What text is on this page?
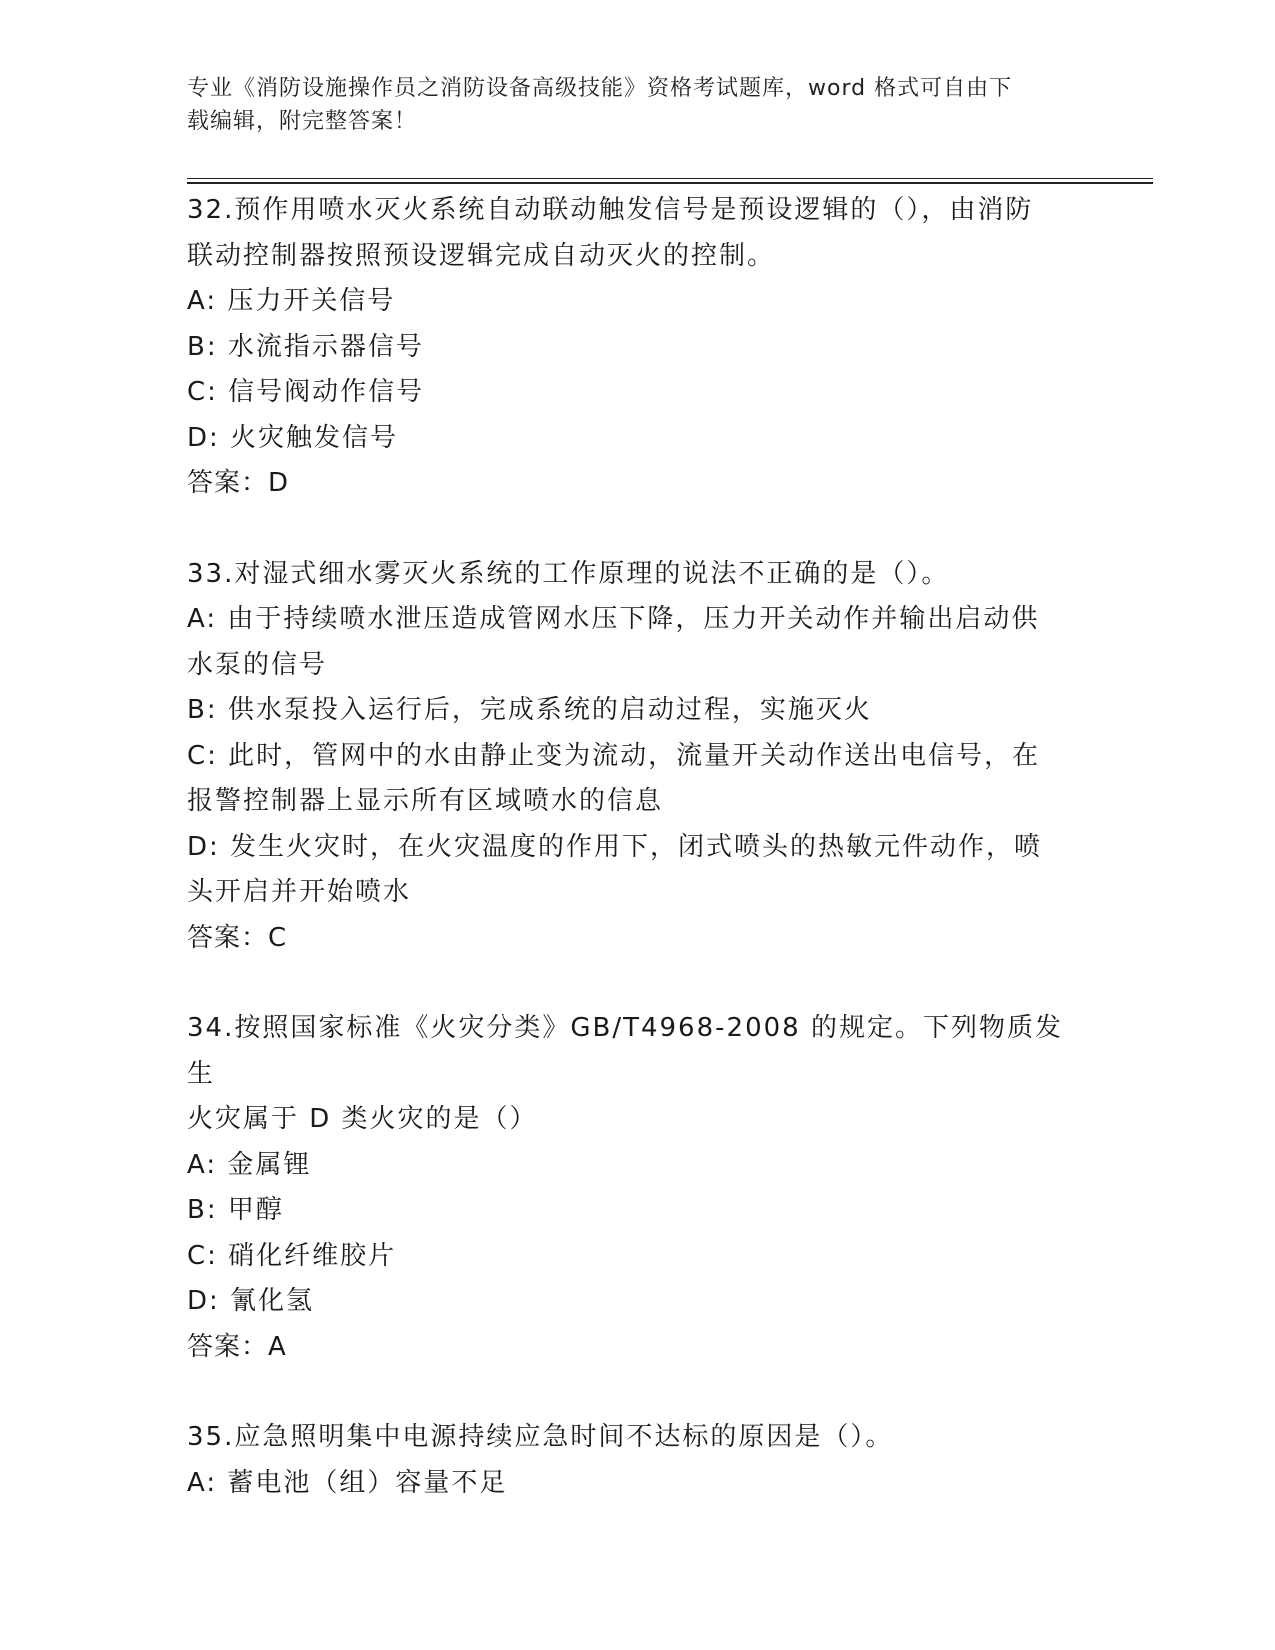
专业《消防设施操作员之消防设备高级技能》资格考试题库，word 格式可自由下
载编辑，附完整答案！
32.预作用喷水灭火系统自动联动触发信号是预设逻辑的（），由消防
联动控制器按照预设逻辑完成自动灭火的控制。
A: 压力开关信号
B: 水流指示器信号
C: 信号阀动作信号
D: 火灾触发信号
答案：D
33.对湿式细水雾灭火系统的工作原理的说法不正确的是（）。
A: 由于持续喷水泄压造成管网水压下降，压力开关动作并输出启动供
水泵的信号
B: 供水泵投入运行后，完成系统的启动过程，实施灭火
C: 此时，管网中的水由静止变为流动，流量开关动作送出电信号，在
报警控制器上显示所有区域喷水的信息
D: 发生火灾时，在火灾温度的作用下，闭式喷头的热敏元件动作，喷
头开启并开始喷水
答案：C
34.按照国家标准《火灾分类》GB/T4968-2008 的规定。下列物质发生
火灾属于 D 类火灾的是（）
A: 金属锂
B: 甲醇
C: 硝化纤维胶片
D: 氰化氢
答案：A
35.应急照明集中电源持续应急时间不达标的原因是（）。
A: 蓄电池（组）容量不足
